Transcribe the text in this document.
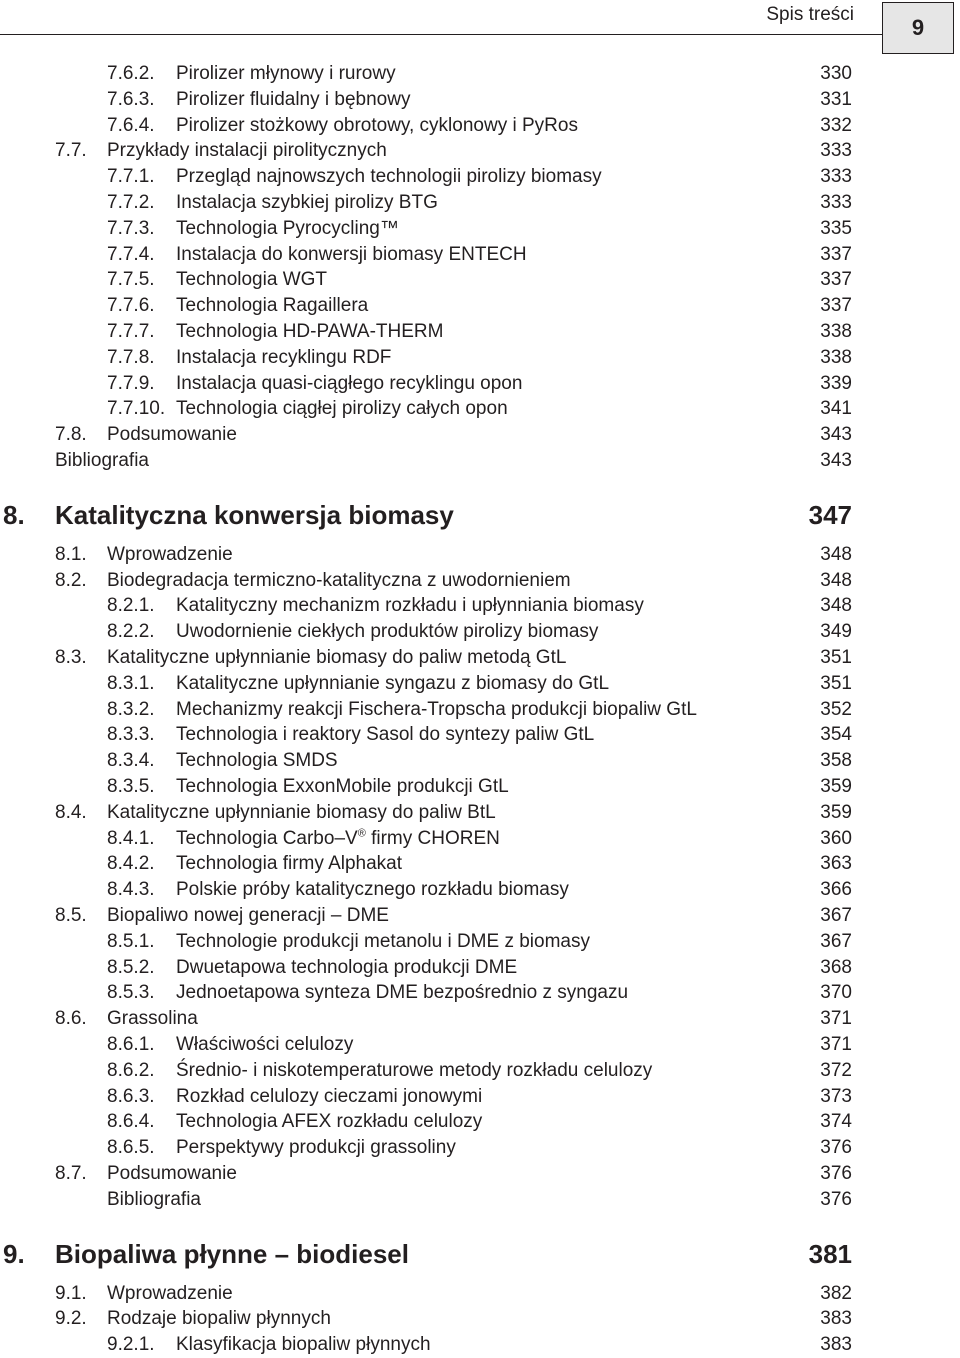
Spis treści
9
7.6.2. Pirolizer młynowy i rurowy	330
7.6.3. Pirolizer fluidalny i bębnowy	331
7.6.4. Pirolizer stożkowy obrotowy, cyklonowy i PyRos	332
7.7. Przykłady instalacji pirolitycznych	333
7.7.1. Przegląd najnowszych technologii pirolizy biomasy	333
7.7.2. Instalacja szybkiej pirolizy BTG	333
7.7.3. Technologia Pyrocycling™	335
7.7.4. Instalacja do konwersji biomasy ENTECH	337
7.7.5. Technologia WGT	337
7.7.6. Technologia Ragaillera	337
7.7.7. Technologia HD-PAWA-THERM	338
7.7.8. Instalacja recyklingu RDF	338
7.7.9. Instalacja quasi-ciągłego recyklingu opon	339
7.7.10. Technologia ciągłej pirolizy całych opon	341
7.8. Podsumowanie	343
Bibliografia	343
8. Katalityczna konwersja biomasy	347
8.1. Wprowadzenie	348
8.2. Biodegradacja termiczno-katalityczna z uwodornieniem	348
8.2.1. Katalityczny mechanizm rozkładu i upłynniania biomasy	348
8.2.2. Uwodornienie ciekłych produktów pirolizy biomasy	349
8.3. Katalityczne upłynnianie biomasy do paliw metodą GtL	351
8.3.1. Katalityczne upłynnianie syngazu z biomasy do GtL	351
8.3.2. Mechanizmy reakcji Fischera-Tropscha produkcji biopaliw GtL	352
8.3.3. Technologia i reaktory Sasol do syntezy paliw GtL	354
8.3.4. Technologia SMDS	358
8.3.5. Technologia ExxonMobile produkcji GtL	359
8.4. Katalityczne upłynnianie biomasy do paliw BtL	359
8.4.1. Technologia Carbo–V® firmy CHOREN	360
8.4.2. Technologia firmy Alphakat	363
8.4.3. Polskie próby katalitycznego rozkładu biomasy	366
8.5. Biopaliwo nowej generacji – DME	367
8.5.1. Technologie produkcji metanolu i DME z biomasy	367
8.5.2. Dwuetapowa technologia produkcji DME	368
8.5.3. Jednoetapowa synteza DME bezpośrednio z syngazu	370
8.6. Grassolina	371
8.6.1. Właściwości celulozy	371
8.6.2. Średnio- i niskotemperaturowe metody rozkładu celulozy	372
8.6.3. Rozkład celulozy cieczami jonowymi	373
8.6.4. Technologia AFEX rozkładu celulozy	374
8.6.5. Perspektywy produkcji grassoliny	376
8.7. Podsumowanie	376
Bibliografia	376
9. Biopaliwa płynne – biodiesel	381
9.1. Wprowadzenie	382
9.2. Rodzaje biopaliw płynnych	383
9.2.1. Klasyfikacja biopaliw płynnych	383
